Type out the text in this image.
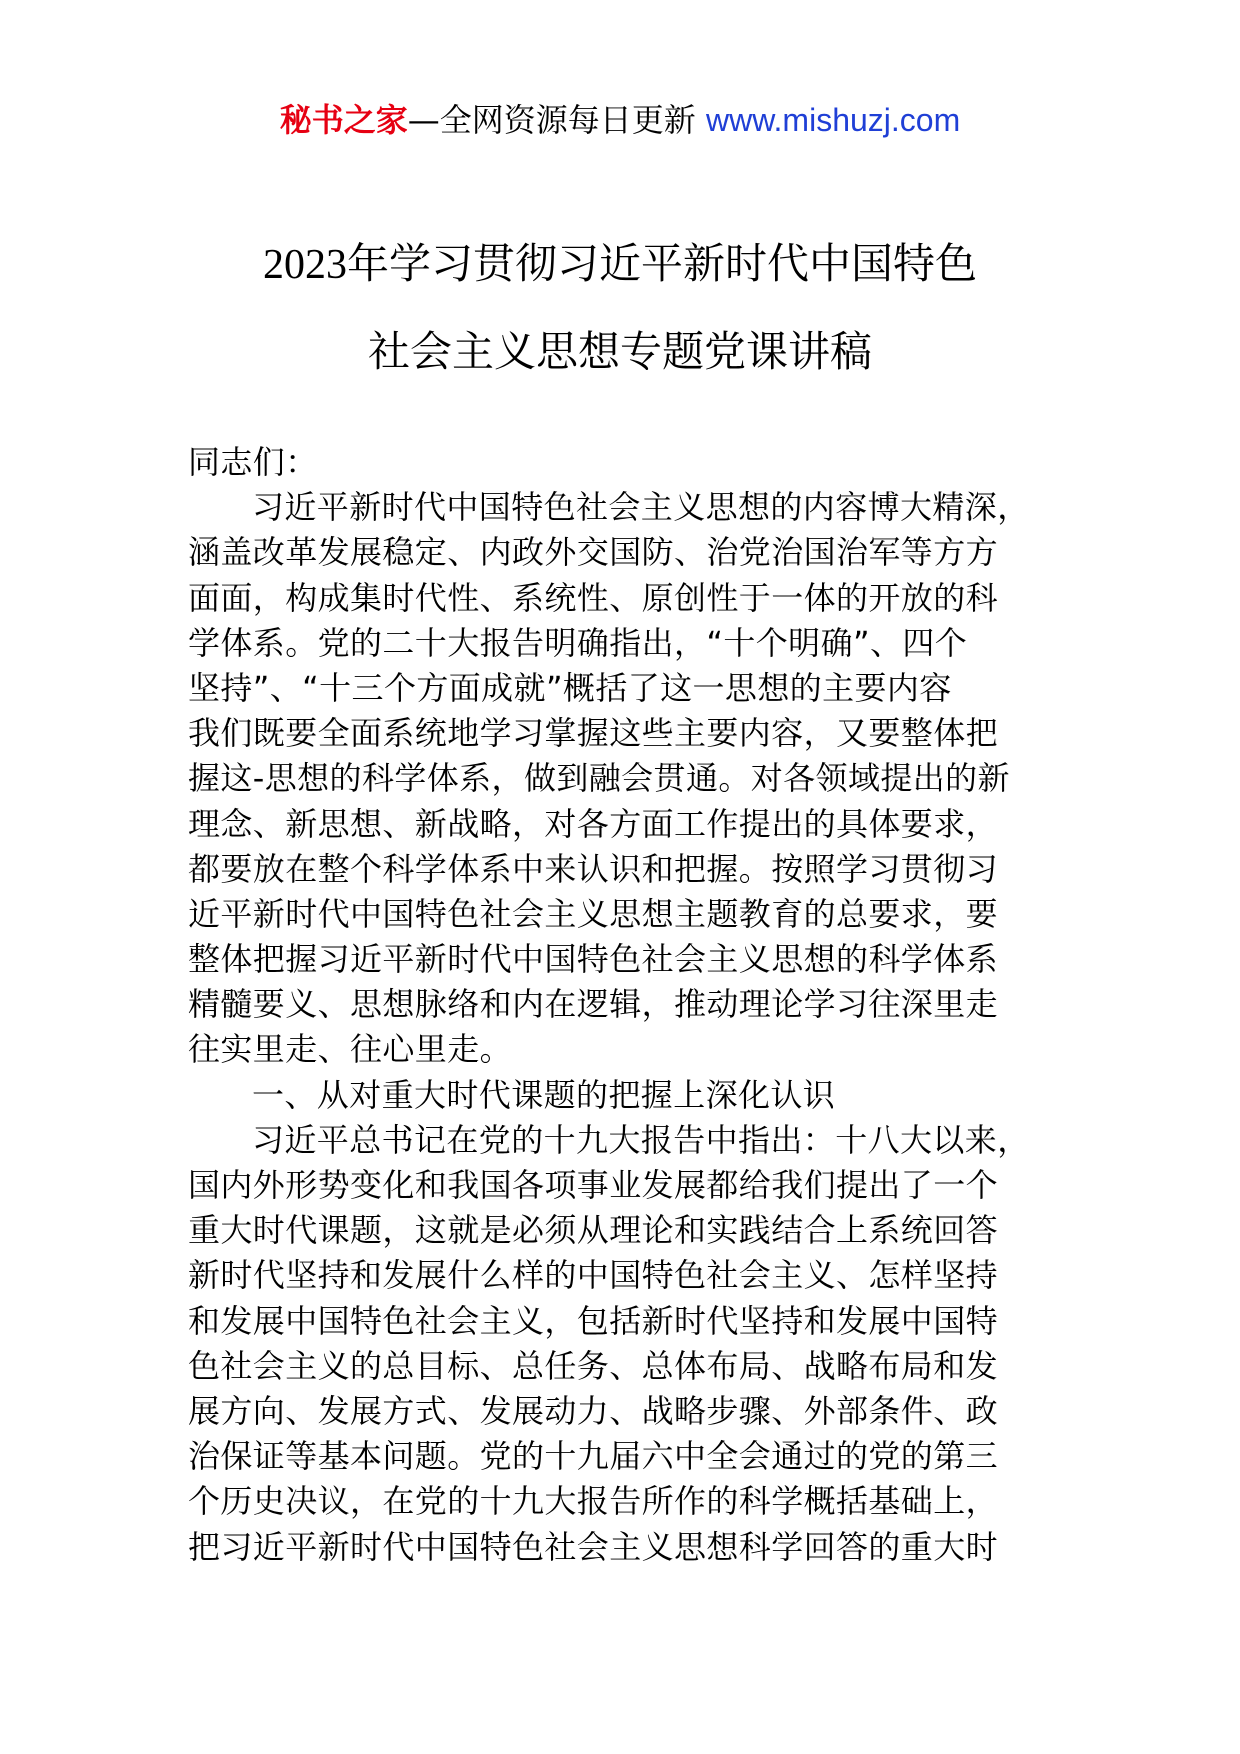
秘书之家—全网资源每日更新 www.mishuzj.com
2023年学习贯彻习近平新时代中国特色
社会主义思想专题党课讲稿
同志们：
习近平新时代中国特色社会主义思想的内容博大精深，
涵盖改革发展稳定、内政外交国防、治党治国治军等方方
面面，构成集时代性、系统性、原创性于一体的开放的科
学体系。党的二十大报告明确指出，“十个明确”、四个
坚持”、“十三个方面成就”概括了这一思想的主要内容
我们既要全面系统地学习掌握这些主要内容，又要整体把
握这-思想的科学体系，做到融会贯通。对各领域提出的新
理念、新思想、新战略，对各方面工作提出的具体要求，
都要放在整个科学体系中来认识和把握。按照学习贯彻习
近平新时代中国特色社会主义思想主题教育的总要求，要
整体把握习近平新时代中国特色社会主义思想的科学体系
精髓要义、思想脉络和内在逻辑，推动理论学习往深里走
往实里走、往心里走。
一、从对重大时代课题的把握上深化认识
习近平总书记在党的十九大报告中指出：十八大以来，
国内外形势变化和我国各项事业发展都给我们提出了一个
重大时代课题，这就是必须从理论和实践结合上系统回答
新时代坚持和发展什么样的中国特色社会主义、怎样坚持
和发展中国特色社会主义，包括新时代坚持和发展中国特
色社会主义的总目标、总任务、总体布局、战略布局和发
展方向、发展方式、发展动力、战略步骤、外部条件、政
治保证等基本问题。党的十九届六中全会通过的党的第三
个历史决议，在党的十九大报告所作的科学概括基础上，
把习近平新时代中国特色社会主义思想科学回答的重大时
